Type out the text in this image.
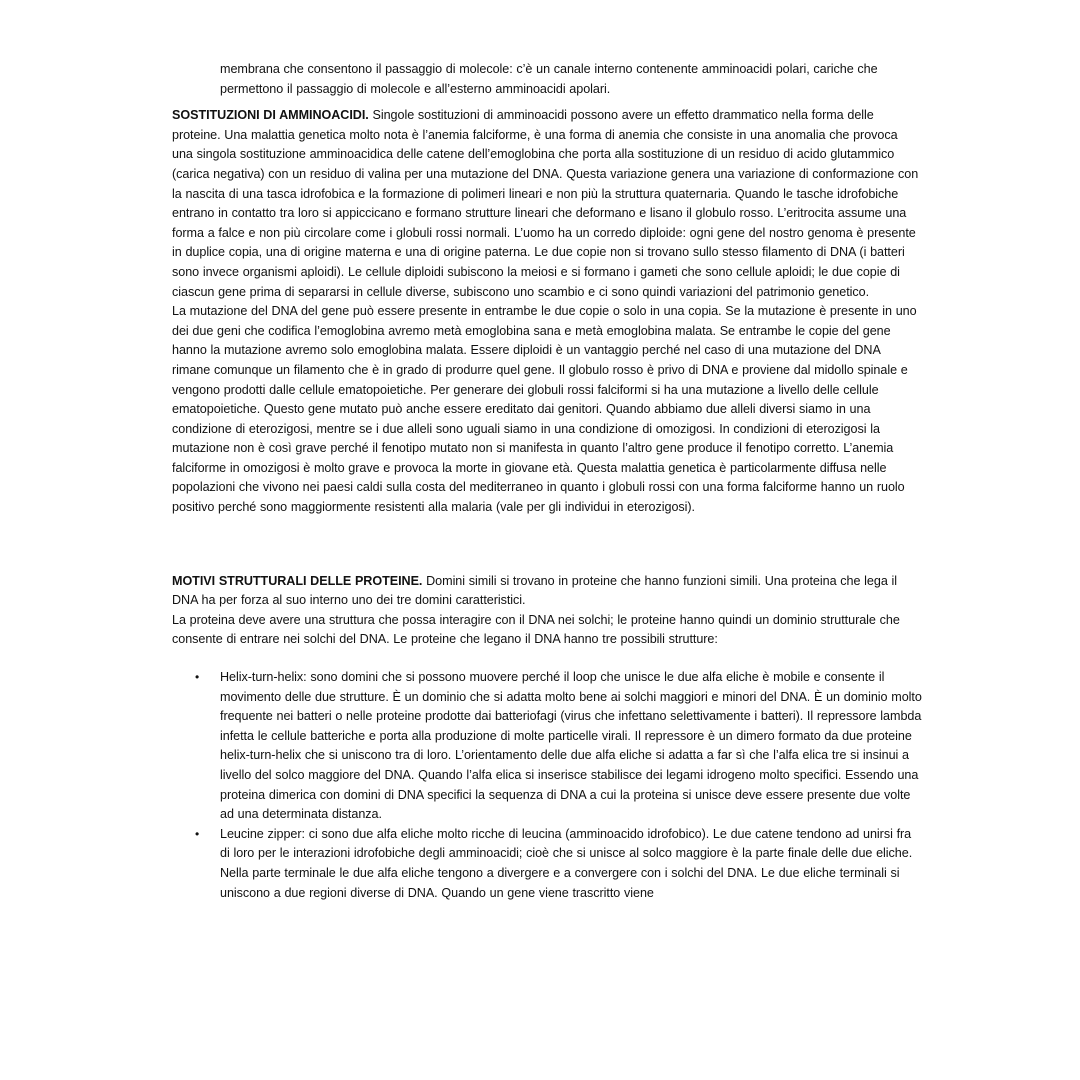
membrana che consentono il passaggio di molecole: c’è un canale interno contenente amminoacidi polari, cariche che permettono il passaggio di molecole e all’esterno amminoacidi apolari.

SOSTITUZIONI DI AMMINOACIDI. Singole sostituzioni di amminoacidi possono avere un effetto drammatico nella forma delle proteine. Una malattia genetica molto nota è l’anemia falciforme, è una forma di anemia che consiste in una anomalia che provoca una singola sostituzione amminoacidica delle catene dell’emoglobina che porta alla sostituzione di un residuo di acido glutammico (carica negativa) con un residuo di valina per una mutazione del DNA. Questa variazione genera una variazione di conformazione con la nascita di una tasca idrofobica e la formazione di polimeri lineari e non più la struttura quaternaria. Quando le tasche idrofobiche entrano in contatto tra loro si appiccicano e formano strutture lineari che deformano e lisano il globulo rosso. L’eritrocita assume una forma a falce e non più circolare come i globuli rossi normali. L’uomo ha un corredo diploide: ogni gene del nostro genoma è presente in duplice copia, una di origine materna e una di origine paterna. Le due copie non si trovano sullo stesso filamento di DNA (i batteri sono invece organismi aploidi). Le cellule diploidi subiscono la meiosi e si formano i gameti che sono cellule aploidi; le due copie di ciascun gene prima di separarsi in cellule diverse, subiscono uno scambio e ci sono quindi variazioni del patrimonio genetico.

La mutazione del DNA del gene può essere presente in entrambe le due copie o solo in una copia. Se la mutazione è presente in uno dei due geni che codifica l’emoglobina avremo metà emoglobina sana e metà emoglobina malata. Se entrambe le copie del gene hanno la mutazione avremo solo emoglobina malata. Essere diploidi è un vantaggio perché nel caso di una mutazione del DNA rimane comunque un filamento che è in grado di produrre quel gene. Il globulo rosso è privo di DNA e proviene dal midollo spinale e vengono prodotti dalle cellule ematopoietiche. Per generare dei globuli rossi falciformi si ha una mutazione a livello delle cellule ematopoietiche. Questo gene mutato può anche essere ereditato dai genitori. Quando abbiamo due alleli diversi siamo in una condizione di eterozigosi, mentre se i due alleli sono uguali siamo in una condizione di omozigosi. In condizioni di eterozigosi la mutazione non è così grave perché il fenotipo mutato non si manifesta in quanto l’altro gene produce il fenotipo corretto. L’anemia falciforme in omozigosi è molto grave e provoca la morte in giovane età. Questa malattia genetica è particolarmente diffusa nelle popolazioni che vivono nei paesi caldi sulla costa del mediterraneo in quanto i globuli rossi con una forma falciforme hanno un ruolo positivo perché sono maggiormente resistenti alla malaria (vale per gli individui in eterozigosi).

MOTIVI STRUTTURALI DELLE PROTEINE. Domini simili si trovano in proteine che hanno funzioni simili. Una proteina che lega il DNA ha per forza al suo interno uno dei tre domini caratteristici.

La proteina deve avere una struttura che possa interagire con il DNA nei solchi; le proteine hanno quindi un dominio strutturale che consente di entrare nei solchi del DNA. Le proteine che legano il DNA hanno tre possibili strutture:

• Helix-turn-helix: sono domini che si possono muovere perché il loop che unisce le due alfa eliche è mobile e consente il movimento delle due strutture. È un dominio che si adatta molto bene ai solchi maggiori e minori del DNA. È un dominio molto frequente nei batteri o nelle proteine prodotte dai batteriofagi (virus che infettano selettivamente i batteri). Il repressore lambda infetta le cellule batteriche e porta alla produzione di molte particelle virali. Il repressore è un dimero formato da due proteine helix-turn-helix che si uniscono tra di loro. L’orientamento delle due alfa eliche si adatta a far sì che l’alfa elica tre si insinui a livello del solco maggiore del DNA. Quando l’alfa elica si inserisce stabilisce dei legami idrogeno molto specifici. Essendo una proteina dimerica con domini di DNA specifici la sequenza di DNA a cui la proteina si unisce deve essere presente due volte ad una determinata distanza.
• Leucine zipper: ci sono due alfa eliche molto ricche di leucina (amminoacido idrofobico). Le due catene tendono ad unirsi fra di loro per le interazioni idrofobiche degli amminoacidi; cioè che si unisce al solco maggiore è la parte finale delle due eliche. Nella parte terminale le due alfa eliche tengono a divergere e a convergere con i solchi del DNA. Le due eliche terminali si uniscono a due regioni diverse di DNA. Quando un gene viene trascritto viene
